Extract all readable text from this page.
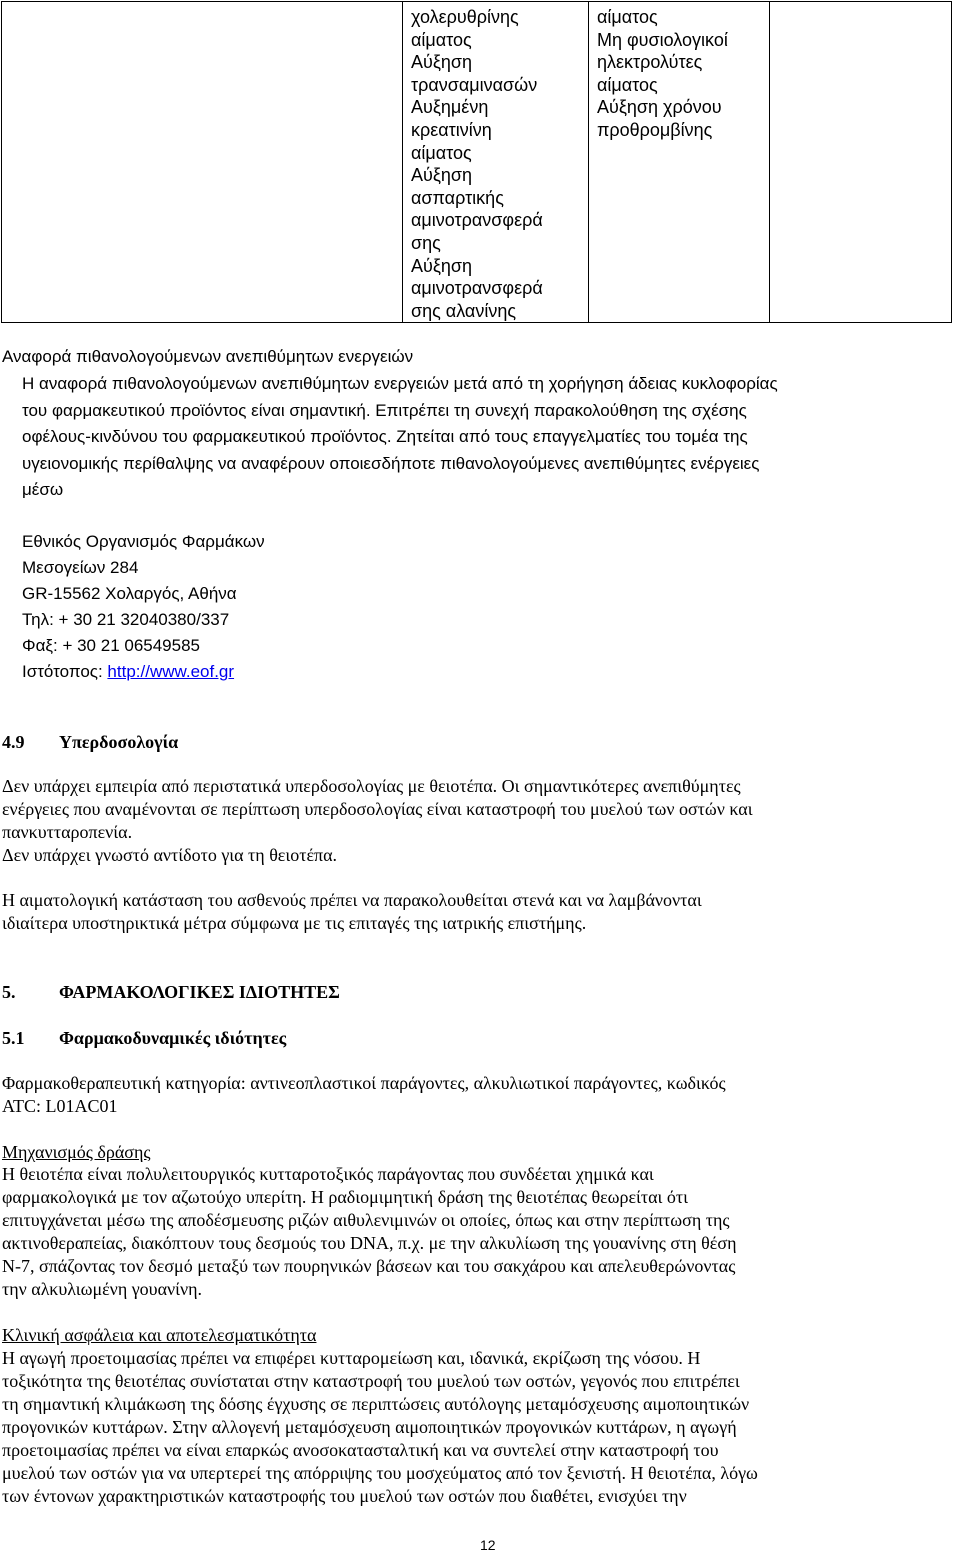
χολερυθρίνης
αίματος
Αύξηση
τρανσαμινασών
Αυξημένη
κρεατινίνη
αίματος
Αύξηση
ασπαρτικής
αμινοτρανσφερά
σης
Αύξηση
αμινοτρανσφερά
σης αλανίνης
αίματος
Μη φυσιολογικοί
ηλεκτρολύτες
αίματος
Αύξηση χρόνου
προθρομβίνης
Αναφορά πιθανολογούμενων ανεπιθύμητων ενεργειών
Η αναφορά πιθανολογούμενων ανεπιθύμητων ενεργειών μετά από τη χορήγηση άδειας κυκλοφορίας
του φαρμακευτικού προϊόντος είναι σημαντική. Επιτρέπει τη συνεχή παρακολούθηση της σχέσης
οφέλους-κινδύνου του φαρμακευτικού προϊόντος. Ζητείται από τους επαγγελματίες του τομέα της
υγειονομικής περίθαλψης να αναφέρουν οποιεσδήποτε πιθανολογούμενες ανεπιθύμητες ενέργειες
μέσω
Εθνικός Οργανισμός Φαρμάκων
Μεσογείων 284
GR-15562 Χολαργός, Αθήνα
Τηλ: + 30 21 32040380/337
Φαξ: + 30 21 06549585
Ιστότοπος: http://www.eof.gr
4.9 Υπερδοσολογία
Δεν υπάρχει εμπειρία από περιστατικά υπερδοσολογίας με θειοτέπα. Οι σημαντικότερες ανεπιθύμητες
ενέργειες που αναμένονται σε περίπτωση υπερδοσολογίας είναι καταστροφή του μυελού των οστών και
πανκυτταροπενία.
Δεν υπάρχει γνωστό αντίδοτο για τη θειοτέπα.
Η αιματολογική κατάσταση του ασθενούς πρέπει να παρακολουθείται στενά και να λαμβάνονται
ιδιαίτερα υποστηρικτικά μέτρα σύμφωνα με τις επιταγές της ιατρικής επιστήμης.
5. ΦΑΡΜΑΚΟΛΟΓΙΚΕΣ ΙΔΙΟΤΗΤΕΣ
5.1 Φαρμακοδυναμικές ιδιότητες
Φαρμακοθεραπευτική κατηγορία: αντινεοπλαστικοί παράγοντες, αλκυλιωτικοί παράγοντες, κωδικός
ATC: L01AC01
Μηχανισμός δράσης
Η θειοτέπα είναι πολυλειτουργικός κυτταροτοξικός παράγοντας που συνδέεται χημικά και
φαρμακολογικά με τον αζωτούχο υπερίτη. Η ραδιομιμητική δράση της θειοτέπας θεωρείται ότι
επιτυγχάνεται μέσω της αποδέσμευσης ριζών αιθυλενιμινών οι οποίες, όπως και στην περίπτωση της
ακτινοθεραπείας, διακόπτουν τους δεσμούς του DNA, π.χ. με την αλκυλίωση της γουανίνης στη θέση
N-7, σπάζοντας τον δεσμό μεταξύ των πουρηνικών βάσεων και του σακχάρου και απελευθερώνοντας
την αλκυλιωμένη γουανίνη.
Κλινική ασφάλεια και αποτελεσματικότητα
Η αγωγή προετοιμασίας πρέπει να επιφέρει κυτταρομείωση και, ιδανικά, εκρίζωση της νόσου. Η
τοξικότητα της θειοτέπας συνίσταται στην καταστροφή του μυελού των οστών, γεγονός που επιτρέπει
τη σημαντική κλιμάκωση της δόσης έγχυσης σε περιπτώσεις αυτόλογης μεταμόσχευσης αιμοποιητικών
προγονικών κυττάρων. Στην αλλογενή μεταμόσχευση αιμοποιητικών προγονικών κυττάρων, η αγωγή
προετοιμασίας πρέπει να είναι επαρκώς ανοσοκατασταλτική και να συντελεί στην καταστροφή του
μυελού των οστών για να υπερτερεί της απόρριψης του μοσχεύματος από τον ξενιστή. Η θειοτέπα, λόγω
των έντονων χαρακτηριστικών καταστροφής του μυελού των οστών που διαθέτει, ενισχύει την
12
